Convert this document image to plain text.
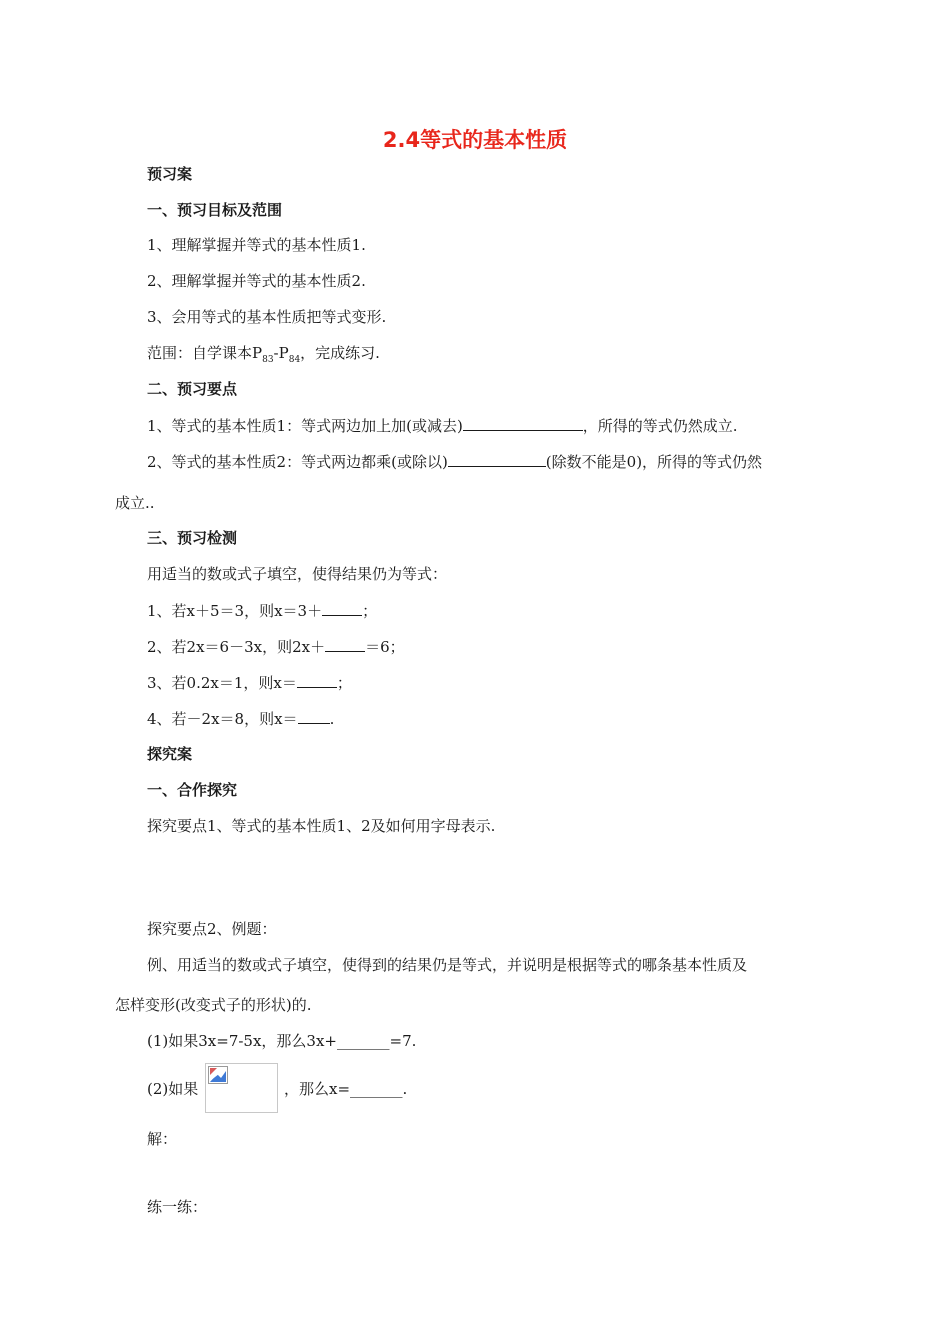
2.4等式的基本性质
预习案
一、预习目标及范围
1、理解掌握并等式的基本性质1.
2、理解掌握并等式的基本性质2.
3、会用等式的基本性质把等式变形.
范围：自学课本$P_{83}-P_{84}$，完成练习.
二、预习要点
1、等式的基本性质1：等式两边加上加(或减去)	，所得的等式仍然成立.
2、等式的基本性质2：等式两边都乘(或除以)	(除数不能是0)，所得的等式仍然
成立..
三、预习检测
用适当的数或式子填空，使得结果仍为等式：
1、若x＋5＝3，则x＝3＋	；
2、若2x＝6－3x，则2x＋	＝6；
3、若0.2x＝1，则x＝	；
4、若－2x＝8，则x＝ .
探究案
一、合作探究
探究要点1、等式的基本性质1、2及如何用字母表示.
探究要点2、例题：
例、用适当的数或式子填空，使得到的结果仍是等式，并说明是根据等式的哪条基本性质及
怎样变形(改变式子的形状)的.
(1)如果3x=7-5x，那么3x+_______=7.
(2)如果	，那么x=_______.
解：
练一练：
